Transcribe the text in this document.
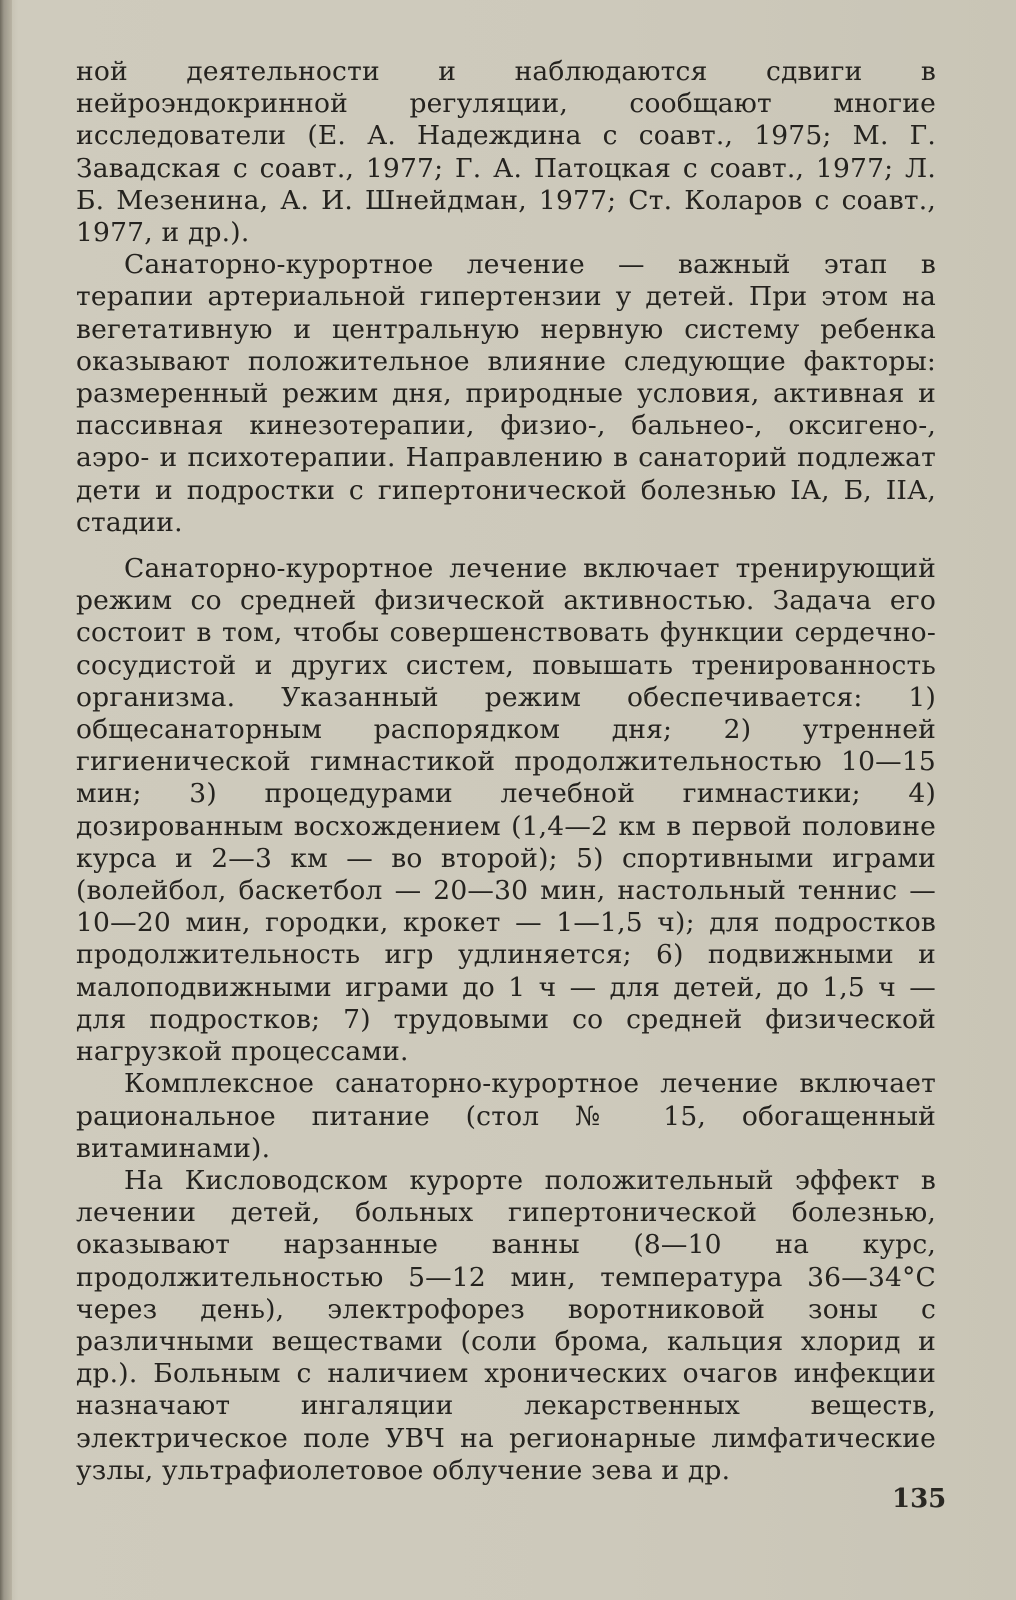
ной деятельности и наблюдаются сдвиги в нейроэндокринной регуляции, сообщают многие исследователи (Е. А. Надеждина с соавт., 1975; М. Г. Завадская с соавт., 1977; Г. А. Патоцкая с соавт., 1977; Л. Б. Мезенина, А. И. Шнейдман, 1977; Ст. Коларов с соавт., 1977, и др.).

Санаторно-курортное лечение — важный этап в терапии артериальной гипертензии у детей. При этом на вегетативную и центральную нервную систему ребенка оказывают положительное влияние следующие факторы: размеренный режим дня, природные условия, активная и пассивная кинезотерапии, физио-, бальнео-, оксигено-, аэро- и психотерапии. Направлению в санаторий подлежат дети и подростки с гипертонической болезнью IА, Б, IIА, стадии.

Санаторно-курортное лечение включает тренирующий режим со средней физической активностью. Задача его состоит в том, чтобы совершенствовать функции сердечно-сосудистой и других систем, повышать тренированность организма. Указанный режим обеспечивается: 1) общесанаторным распорядком дня; 2) утренней гигиенической гимнастикой продолжительностью 10—15 мин; 3) процедурами лечебной гимнастики; 4) дозированным восхождением (1,4—2 км в первой половине курса и 2—3 км — во второй); 5) спортивными играми (волейбол, баскетбол — 20—30 мин, настольный теннис — 10—20 мин, городки, крокет — 1—1,5 ч); для подростков продолжительность игр удлиняется; 6) подвижными и малоподвижными играми до 1 ч — для детей, до 1,5 ч — для подростков; 7) трудовыми со средней физической нагрузкой процессами.

Комплексное санаторно-курортное лечение включает рациональное питание (стол № 15, обогащенный витаминами).

На Кисловодском курорте положительный эффект в лечении детей, больных гипертонической болезнью, оказывают нарзанные ванны (8—10 на курс, продолжительностью 5—12 мин, температура 36—34°С через день), электрофорез воротниковой зоны с различными веществами (соли брома, кальция хлорид и др.). Больным с наличием хронических очагов инфекции назначают ингаляции лекарственных веществ, электрическое поле УВЧ на регионарные лимфатические узлы, ультрафиолетовое облучение зева и др.

135
